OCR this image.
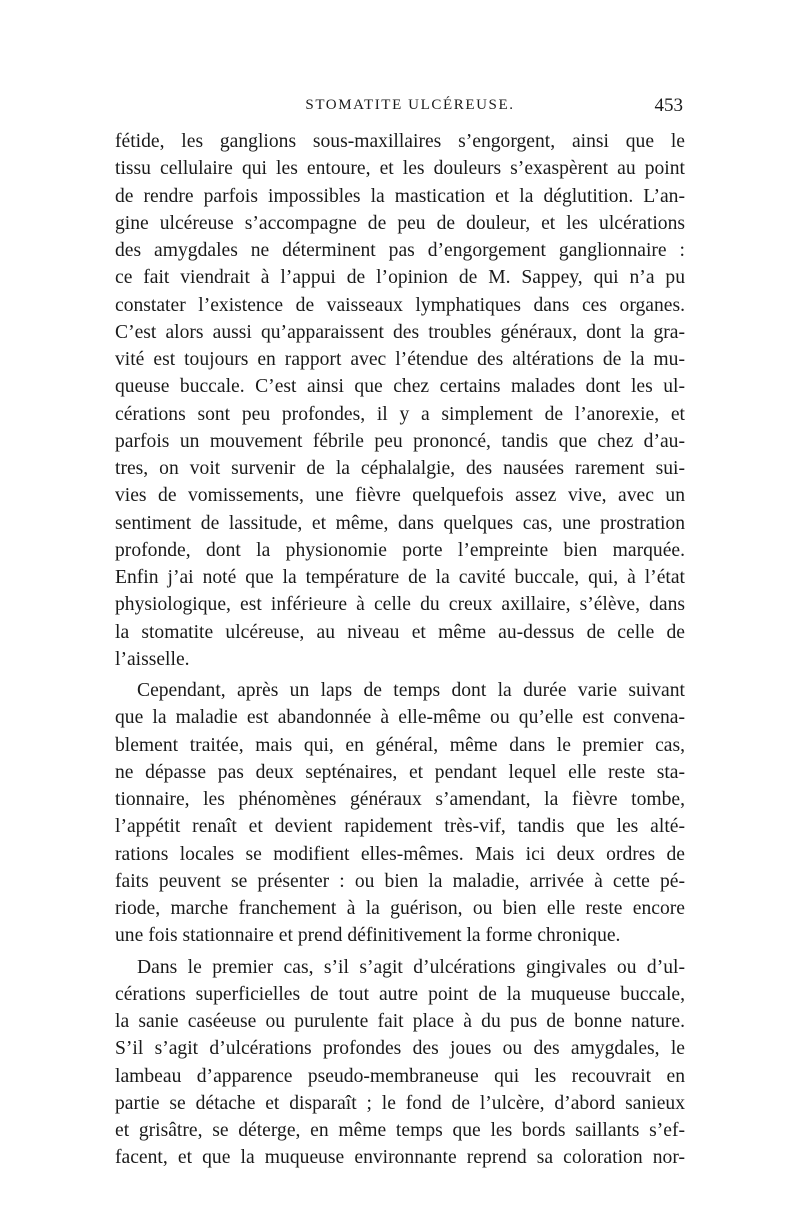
STOMATITE ULCÉREUSE.	453
fétide, les ganglions sous-maxillaires s’engorgent, ainsi que le
tissu cellulaire qui les entoure, et les douleurs s’exaspèrent au point
de rendre parfois impossibles la mastication et la déglutition. L’an-
gine ulcéreuse s’accompagne de peu de douleur, et les ulcérations
des amygdales ne déterminent pas d’engorgement ganglionnaire :
ce fait viendrait à l’appui de l’opinion de M. Sappey, qui n’a pu
constater l’existence de vaisseaux lymphatiques dans ces organes.
C’est alors aussi qu’apparaissent des troubles généraux, dont la gra-
vité est toujours en rapport avec l’étendue des altérations de la mu-
queuse buccale. C’est ainsi que chez certains malades dont les ul-
cérations sont peu profondes, il y a simplement de l’anorexie, et
parfois un mouvement fébrile peu prononcé, tandis que chez d’au-
tres, on voit survenir de la céphalalgie, des nausées rarement sui-
vies de vomissements, une fièvre quelquefois assez vive, avec un
sentiment de lassitude, et même, dans quelques cas, une prostration
profonde, dont la physionomie porte l’empreinte bien marquée.
Enfin j’ai noté que la température de la cavité buccale, qui, à l’état
physiologique, est inférieure à celle du creux axillaire, s’élève, dans
la stomatite ulcéreuse, au niveau et même au-dessus de celle de
l’aisselle.
Cependant, après un laps de temps dont la durée varie suivant
que la maladie est abandonnée à elle-même ou qu’elle est convena-
blement traitée, mais qui, en général, même dans le premier cas,
ne dépasse pas deux septénaires, et pendant lequel elle reste sta-
tionnaire, les phénomènes généraux s’amendant, la fièvre tombe,
l’appétit renaît et devient rapidement très-vif, tandis que les alté-
rations locales se modifient elles-mêmes. Mais ici deux ordres de
faits peuvent se présenter : ou bien la maladie, arrivée à cette pé-
riode, marche franchement à la guérison, ou bien elle reste encore
une fois stationnaire et prend définitivement la forme chronique.
Dans le premier cas, s’il s’agit d’ulcérations gingivales ou d’ul-
cérations superficielles de tout autre point de la muqueuse buccale,
la sanie caséeuse ou purulente fait place à du pus de bonne nature.
S’il s’agit d’ulcérations profondes des joues ou des amygdales, le
lambeau d’apparence pseudo-membraneuse qui les recouvrait en
partie se détache et disparaît ; le fond de l’ulcère, d’abord sanieux
et grisâtre, se déterge, en même temps que les bords saillants s’ef-
facent, et que la muqueuse environnante reprend sa coloration nor-
